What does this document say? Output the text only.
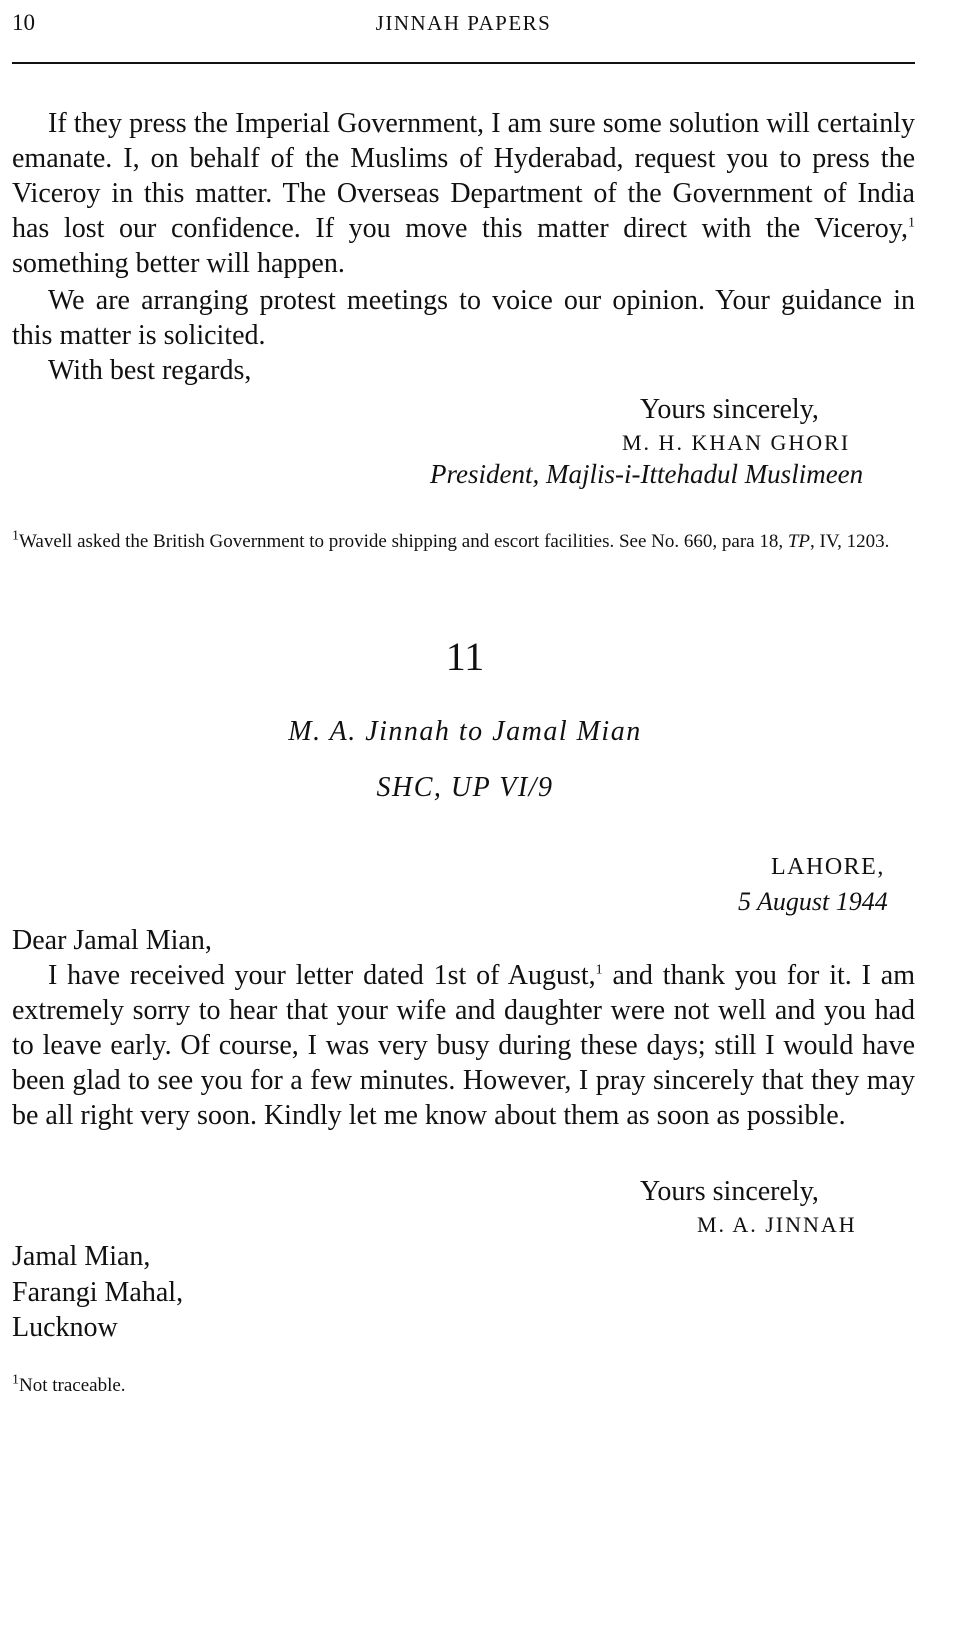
10	JINNAH PAPERS

If they press the Imperial Government, I am sure some solution will certainly emanate. I, on behalf of the Muslims of Hyderabad, request you to press the Viceroy in this matter. The Overseas Department of the Government of India has lost our confidence. If you move this matter direct with the Viceroy,$^1$ something better will happen.

We are arranging protest meetings to voice our opinion. Your guidance in this matter is solicited.

With best regards,

Yours sincerely,

M. H. KHAN GHORI

President, Majlis-i-Ittehadul Muslimeen

$^1$Wavell asked the British Government to provide shipping and escort facilities. See No. 660, para 18, TP, IV, 1203.

11
M. A. Jinnah to Jamal Mian
SHC, UP VI/9

LAHORE,

5 August 1944

Dear Jamal Mian,

I have received your letter dated 1st of August,$^1$ and thank you for it. I am extremely sorry to hear that your wife and daughter were not well and you had to leave early. Of course, I was very busy during these days; still I would have been glad to see you for a few minutes. However, I pray sincerely that they may be all right very soon. Kindly let me know about them as soon as possible.

Yours sincerely,

M. A. JINNAH

Jamal Mian,

Farangi Mahal,

Lucknow

$^1$Not traceable.
